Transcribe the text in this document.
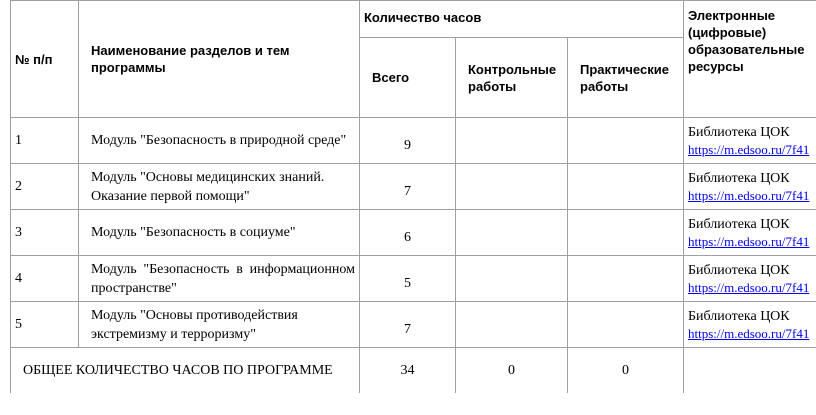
№ п/п	Наименование разделов и тем программы	Количество часов			Электронные (цифровые) образовательные ресурсы
		Всего	Контрольные работы	Практические работы	
1	Модуль "Безопасность в природной среде"	9			Библиотека ЦОК
https://m.edsoo.ru/7f41

2	Модуль "Основы медицинских знаний. Оказание первой помощи"	7			Библиотека ЦОК
https://m.edsoo.ru/7f41

3	Модуль "Безопасность в социуме"	6			Библиотека ЦОК
https://m.edsoo.ru/7f41

4	Модуль "Безопасность в информационном пространстве"	5			Библиотека ЦОК
https://m.edsoo.ru/7f41

5	Модуль "Основы противодействия экстремизму и терроризму"	7			Библиотека ЦОК
https://m.edsoo.ru/7f41

ОБЩЕЕ КОЛИЧЕСТВО ЧАСОВ ПО ПРОГРАММЕ		34	0	0	
